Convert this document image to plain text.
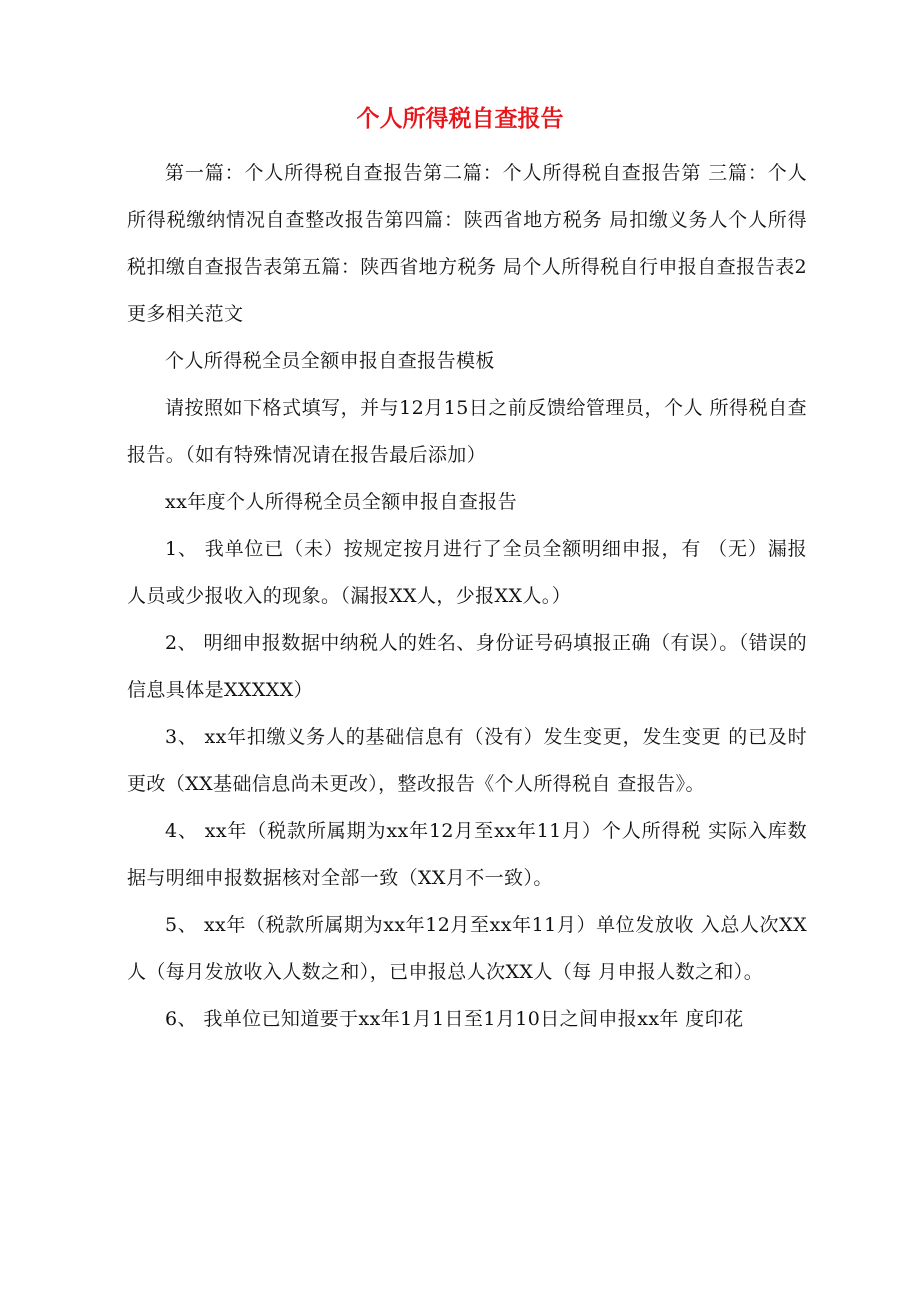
个人所得税自查报告

第一篇：个人所得税自查报告第二篇：个人所得税自查报告第 三篇：个人所得税缴纳情况自查整改报告第四篇：陕西省地方税务 局扣缴义务人个人所得税扣缴自查报告表第五篇：陕西省地方税务 局个人所得税自行申报自查报告表2更多相关范文

个人所得税全员全额申报自查报告模板

请按照如下格式填写，并与12月15日之前反馈给管理员，个人 所得税自查报告。（如有特殊情况请在报告最后添加）

xx年度个人所得税全员全额申报自查报告

1、 我单位已（未）按规定按月进行了全员全额明细申报，有 （无）漏报人员或少报收入的现象。（漏报XX人，少报XX人。）

2、 明细申报数据中纳税人的姓名、身份证号码填报正确（有误）。（错误的信息具体是XXXXX）

3、 xx年扣缴义务人的基础信息有（没有）发生变更，发生变更 的已及时更改（XX基础信息尚未更改），整改报告《个人所得税自 查报告》。

4、 xx年（税款所属期为xx年12月至xx年11月）个人所得税 实际入库数据与明细申报数据核对全部一致（XX月不一致）。

5、 xx年（税款所属期为xx年12月至xx年11月）单位发放收 入总人次XX人（每月发放收入人数之和），已申报总人次XX人（每 月申报人数之和）。

6、 我单位已知道要于xx年1月1日至1月10日之间申报xx年 度印花
